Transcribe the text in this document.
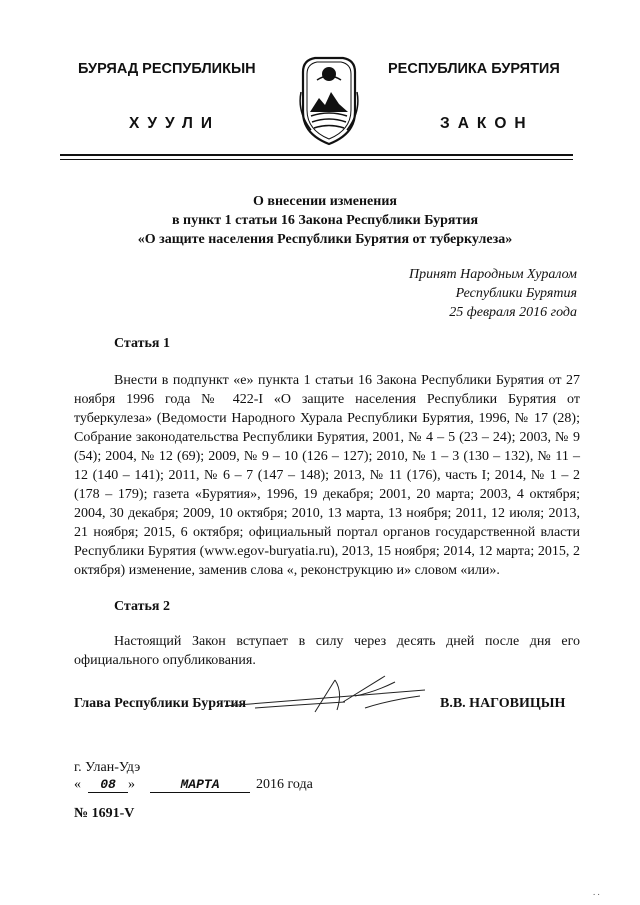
БУРЯАД РЕСПУБЛИКЫН	РЕСПУБЛИКА БУРЯТИЯ
ХУУЛИ	ЗАКОН
О внесении изменения
в пункт 1 статьи 16 Закона Республики Бурятия
«О защите населения Республики Бурятия от туберкулеза»
Принят Народным Хуралом
Республики Бурятия
25 февраля 2016 года
Статья 1
Внести в подпункт «е» пункта 1 статьи 16 Закона Республики Бурятия от 27 ноября 1996 года № 422-I «О защите населения Республики Бурятия от туберкулеза» (Ведомости Народного Хурала Республики Бурятия, 1996, № 17 (28); Собрание законодательства Республики Бурятия, 2001, № 4 – 5 (23 – 24); 2003, № 9 (54); 2004, № 12 (69); 2009, № 9 – 10 (126 – 127); 2010, № 1 – 3 (130 – 132), № 11 – 12 (140 – 141); 2011, № 6 – 7 (147 – 148); 2013, № 11 (176), часть I; 2014, № 1 – 2 (178 – 179); газета «Бурятия», 1996, 19 декабря; 2001, 20 марта; 2003, 4 октября; 2004, 30 декабря; 2009, 10 октября; 2010, 13 марта, 13 ноября; 2011, 12 июля; 2013, 21 ноября; 2015, 6 октября; официальный портал органов государственной власти Республики Бурятия (www.egov-buryatia.ru), 2013, 15 ноября; 2014, 12 марта; 2015, 2 октября) изменение, заменив слова «, реконструкцию и» словом «или».
Статья 2
Настоящий Закон вступает в силу через десять дней после дня его официального опубликования.
Глава Республики Бурятия	В.В. НАГОВИЦЫН
г. Улан-Удэ
«	08 »	МАРТА	2016 года
№ 1691-V
. .
